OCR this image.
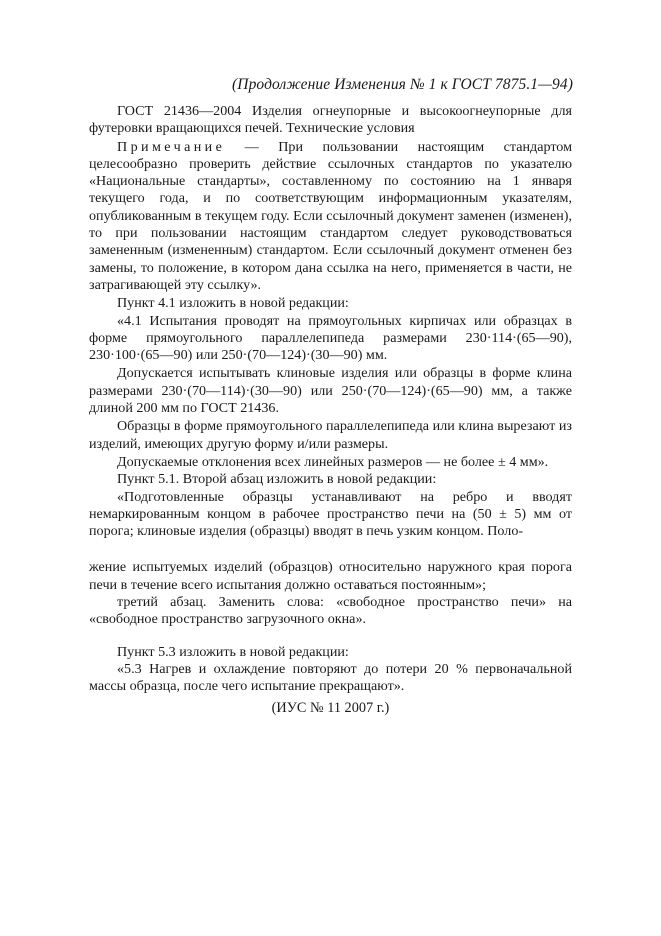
(Продолжение Изменения № 1 к ГОСТ 7875.1—94)

ГОСТ 21436—2004 Изделия огнеупорные и высокоогнеупорные для футеровки вращающихся печей. Технические условия

Примечание — При пользовании настоящим стандартом целесообразно проверить действие ссылочных стандартов по указателю «Национальные стандарты», составленному по состоянию на 1 января текущего года, и по соответствующим информационным указателям, опубликованным в текущем году. Если ссылочный документ заменен (изменен), то при пользовании настоящим стандартом следует руководствоваться замененным (измененным) стандартом. Если ссылочный документ отменен без замены, то положение, в котором дана ссылка на него, применяется в части, не затрагивающей эту ссылку».

Пункт 4.1 изложить в новой редакции:

«4.1 Испытания проводят на прямоугольных кирпичах или образцах в форме прямоугольного параллелепипеда размерами 230·114·(65—90), 230·100·(65—90) или 250·(70—124)·(30—90) мм.

Допускается испытывать клиновые изделия или образцы в форме клина размерами 230·(70—114)·(30—90) или 250·(70—124)·(65—90) мм, а также длиной 200 мм по ГОСТ 21436.

Образцы в форме прямоугольного параллелепипеда или клина вырезают из изделий, имеющих другую форму и/или размеры.

Допускаемые отклонения всех линейных размеров — не более ± 4 мм».

Пункт 5.1. Второй абзац изложить в новой редакции:

«Подготовленные образцы устанавливают на ребро и вводят немаркированным концом в рабочее пространство печи на (50 ± 5) мм от порога; клиновые изделия (образцы) вводят в печь узким концом. Поло-

жение испытуемых изделий (образцов) относительно наружного края порога печи в течение всего испытания должно оставаться постоянным»;

третий абзац. Заменить слова: «свободное пространство печи» на «свободное пространство загрузочного окна».

Пункт 5.3 изложить в новой редакции:

«5.3 Нагрев и охлаждение повторяют до потери 20 % первоначальной массы образца, после чего испытание прекращают».

(ИУС № 11 2007 г.)
